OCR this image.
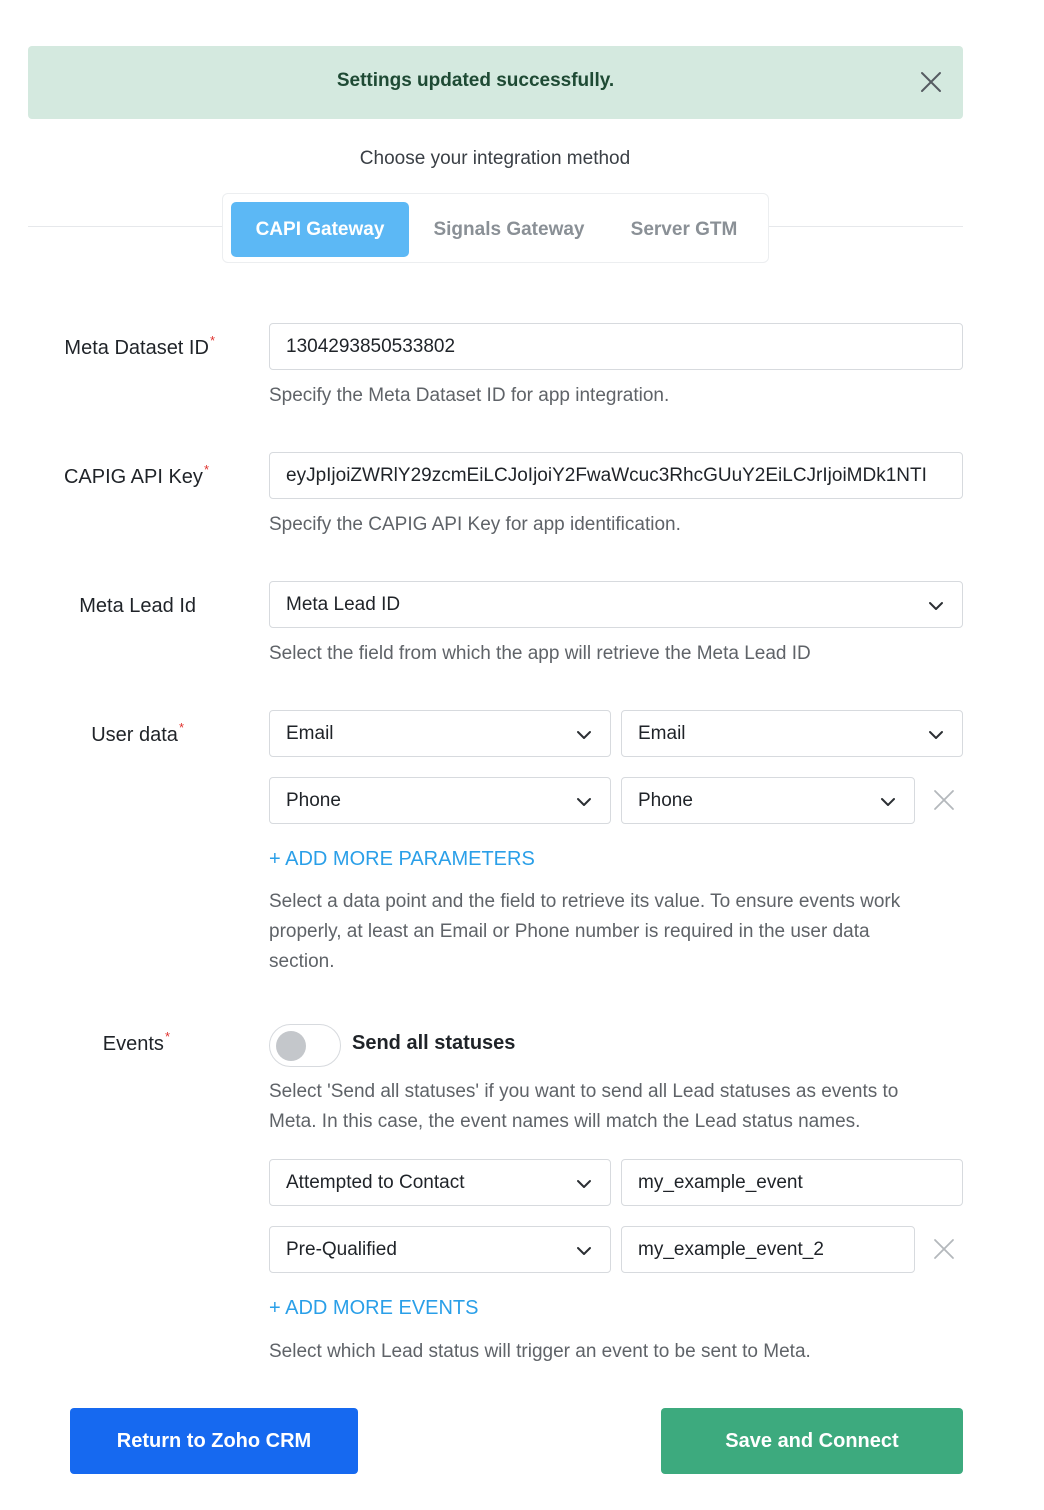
Settings updated successfully.
Choose your integration method
CAPI Gateway	Signals Gateway	Server GTM
Meta Dataset ID*	1304293850533802
Specify the Meta Dataset ID for app integration.
CAPIG API Key*	eyJpIjoiZWRlY29zcmEiLCJoIjoiY2FwaWcuc3RhcGUuY2EiLCJrIjoiMDk1NTI
Specify the CAPIG API Key for app identification.
Meta Lead Id	Meta Lead ID
Select the field from which the app will retrieve the Meta Lead ID
User data*	Email	Email
Phone	Phone
+ ADD MORE PARAMETERS
Select a data point and the field to retrieve its value. To ensure events work
properly, at least an Email or Phone number is required in the user data
section.
Events*	Send all statuses
Select 'Send all statuses' if you want to send all Lead statuses as events to
Meta. In this case, the event names will match the Lead status names.
Attempted to Contact	my_example_event
Pre-Qualified	my_example_event_2
+ ADD MORE EVENTS
Select which Lead status will trigger an event to be sent to Meta.
Return to Zoho CRM	Save and Connect
